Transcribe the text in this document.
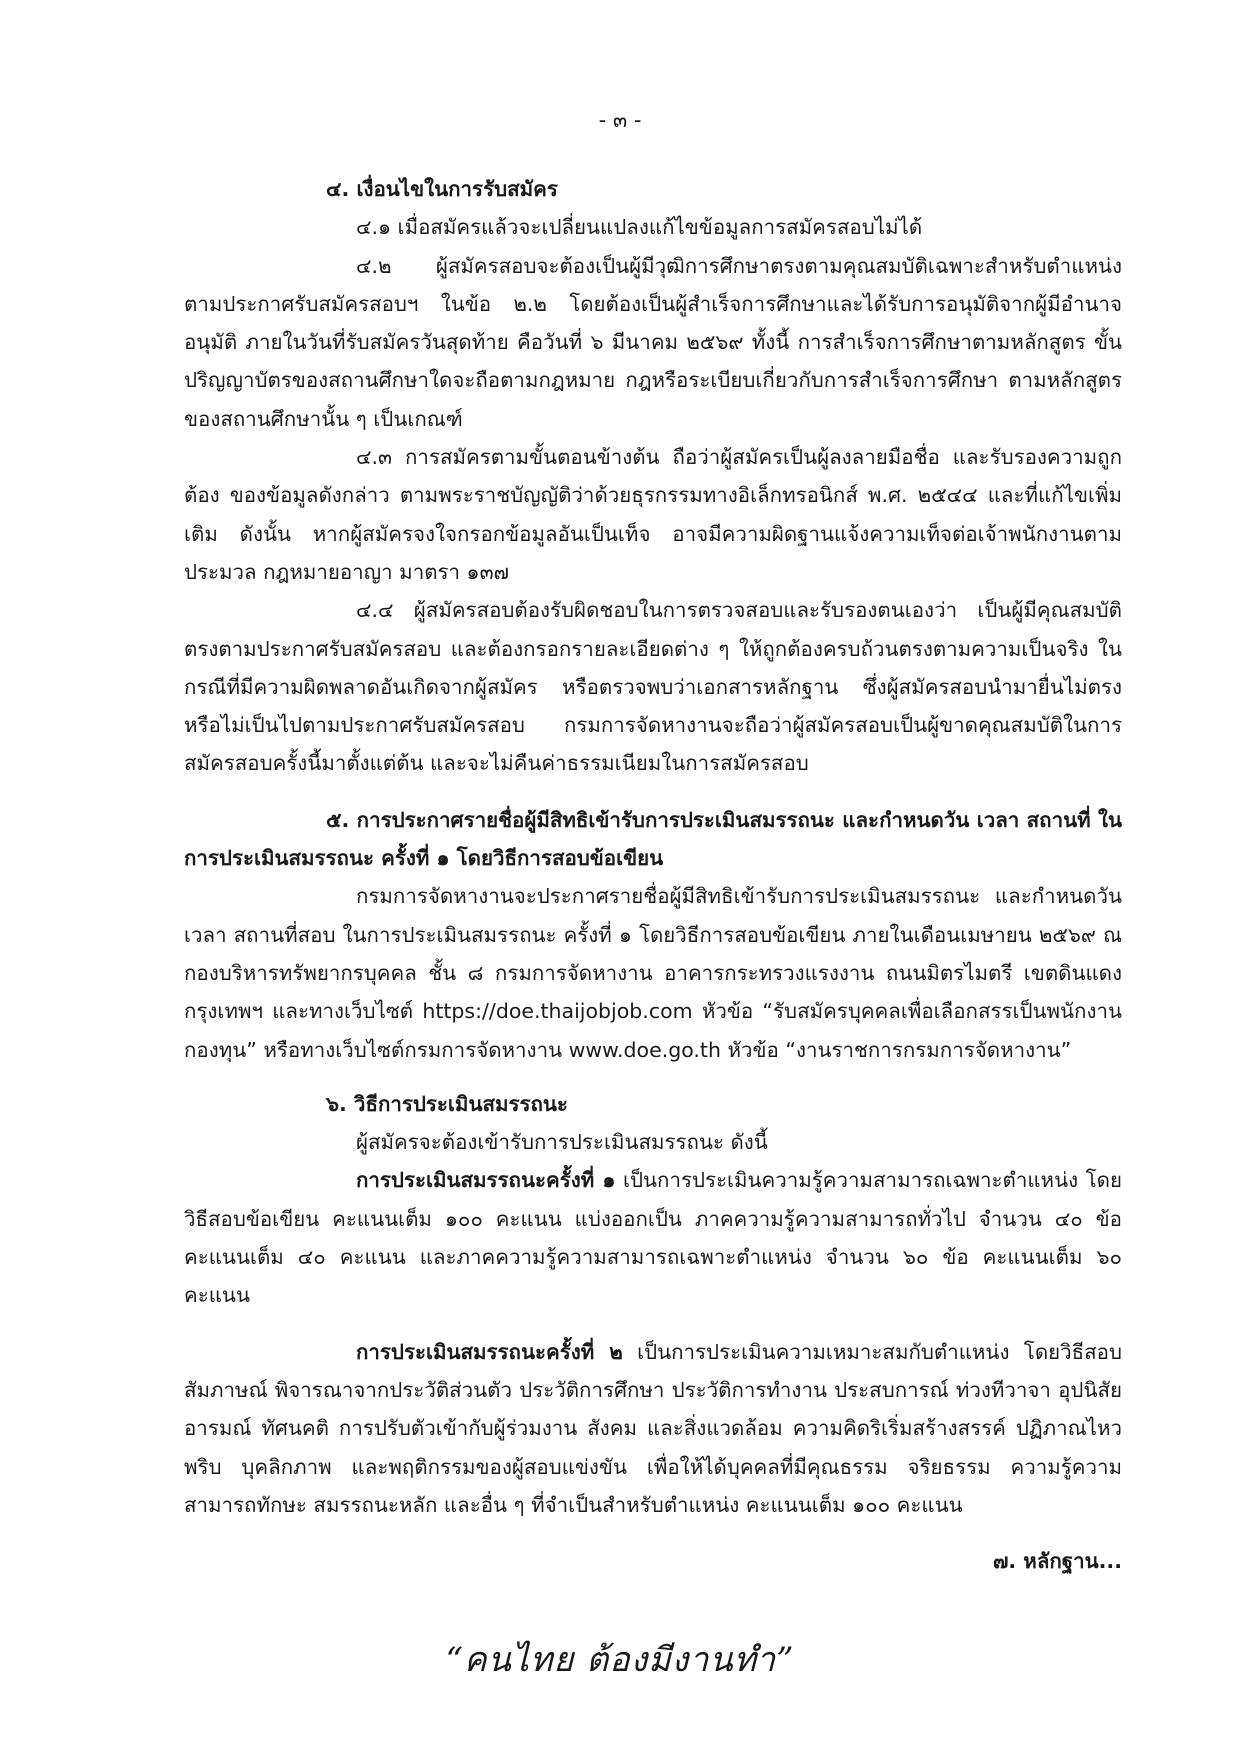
- ๓ -

๔. เงื่อนไขในการรับสมัคร

๔.๑ เมื่อสมัครแล้วจะเปลี่ยนแปลงแก้ไขข้อมูลการสมัครสอบไม่ได้

๔.๒ ผู้สมัครสอบจะต้องเป็นผู้มีวุฒิการศึกษาตรงตามคุณสมบัติเฉพาะสำหรับตำแหน่ง ตามประกาศรับสมัครสอบฯ ในข้อ ๒.๒ โดยต้องเป็นผู้สำเร็จการศึกษาและได้รับการอนุมัติจากผู้มีอำนาจอนุมัติ ภายในวันที่รับสมัครวันสุดท้าย คือวันที่ ๖ มีนาคม ๒๕๖๙ ทั้งนี้ การสำเร็จการศึกษาตามหลักสูตร ขั้นปริญญาบัตรของสถานศึกษาใดจะถือตามกฎหมาย กฎหรือระเบียบเกี่ยวกับการสำเร็จการศึกษา ตามหลักสูตรของสถานศึกษานั้น ๆ เป็นเกณฑ์

๔.๓ การสมัครตามขั้นตอนข้างต้น ถือว่าผู้สมัครเป็นผู้ลงลายมือชื่อ และรับรองความถูกต้อง ของข้อมูลดังกล่าว ตามพระราชบัญญัติว่าด้วยธุรกรรมทางอิเล็กทรอนิกส์ พ.ศ. ๒๕๔๔ และที่แก้ไขเพิ่มเติม ดังนั้น หากผู้สมัครจงใจกรอกข้อมูลอันเป็นเท็จ อาจมีความผิดฐานแจ้งความเท็จต่อเจ้าพนักงานตามประมวล กฎหมายอาญา มาตรา ๑๓๗

๔.๔ ผู้สมัครสอบต้องรับผิดชอบในการตรวจสอบและรับรองตนเองว่า เป็นผู้มีคุณสมบัติ ตรงตามประกาศรับสมัครสอบ และต้องกรอกรายละเอียดต่าง ๆ ให้ถูกต้องครบถ้วนตรงตามความเป็นจริง ในกรณีที่มีความผิดพลาดอันเกิดจากผู้สมัคร หรือตรวจพบว่าเอกสารหลักฐาน ซึ่งผู้สมัครสอบนำมายื่นไม่ตรง หรือไม่เป็นไปตามประกาศรับสมัครสอบ กรมการจัดหางานจะถือว่าผู้สมัครสอบเป็นผู้ขาดคุณสมบัติในการ สมัครสอบครั้งนี้มาตั้งแต่ต้น และจะไม่คืนค่าธรรมเนียมในการสมัครสอบ

๕. การประกาศรายชื่อผู้มีสิทธิเข้ารับการประเมินสมรรถนะ และกำหนดวัน เวลา สถานที่ ในการประเมินสมรรถนะ ครั้งที่ ๑ โดยวิธีการสอบข้อเขียน

กรมการจัดหางานจะประกาศรายชื่อผู้มีสิทธิเข้ารับการประเมินสมรรถนะ และกำหนดวัน เวลา สถานที่สอบ ในการประเมินสมรรถนะ ครั้งที่ ๑ โดยวิธีการสอบข้อเขียน ภายในเดือนเมษายน ๒๕๖๙ ณ กองบริหารทรัพยากรบุคคล ชั้น ๘ กรมการจัดหางาน อาคารกระทรวงแรงงาน ถนนมิตรไมตรี เขตดินแดง กรุงเทพฯ และทางเว็บไซต์ https://doe.thaijobjob.com หัวข้อ “รับสมัครบุคคลเพื่อเลือกสรรเป็นพนักงาน กองทุน” หรือทางเว็บไซต์กรมการจัดหางาน www.doe.go.th หัวข้อ “งานราชการกรมการจัดหางาน”

๖. วิธีการประเมินสมรรถนะ

ผู้สมัครจะต้องเข้ารับการประเมินสมรรถนะ ดังนี้

การประเมินสมรรถนะครั้งที่ ๑ เป็นการประเมินความรู้ความสามารถเฉพาะตำแหน่ง โดยวิธีสอบข้อเขียน คะแนนเต็ม ๑๐๐ คะแนน แบ่งออกเป็น ภาคความรู้ความสามารถทั่วไป จำนวน ๔๐ ข้อ คะแนนเต็ม ๔๐ คะแนน และภาคความรู้ความสามารถเฉพาะตำแหน่ง จำนวน ๖๐ ข้อ คะแนนเต็ม ๖๐ คะแนน

การประเมินสมรรถนะครั้งที่ ๒ เป็นการประเมินความเหมาะสมกับตำแหน่ง โดยวิธีสอบ สัมภาษณ์ พิจารณาจากประวัติส่วนตัว ประวัติการศึกษา ประวัติการทำงาน ประสบการณ์ ท่วงทีวาจา อุปนิสัย อารมณ์ ทัศนคติ การปรับตัวเข้ากับผู้ร่วมงาน สังคม และสิ่งแวดล้อม ความคิดริเริ่มสร้างสรรค์ ปฏิภาณไหวพริบ บุคลิกภาพ และพฤติกรรมของผู้สอบแข่งขัน เพื่อให้ได้บุคคลที่มีคุณธรรม จริยธรรม ความรู้ความสามารถทักษะ สมรรถนะหลัก และอื่น ๆ ที่จำเป็นสำหรับตำแหน่ง คะแนนเต็ม ๑๐๐ คะแนน

๗. หลักฐาน...
“คนไทย ต้องมีงานทำ”
